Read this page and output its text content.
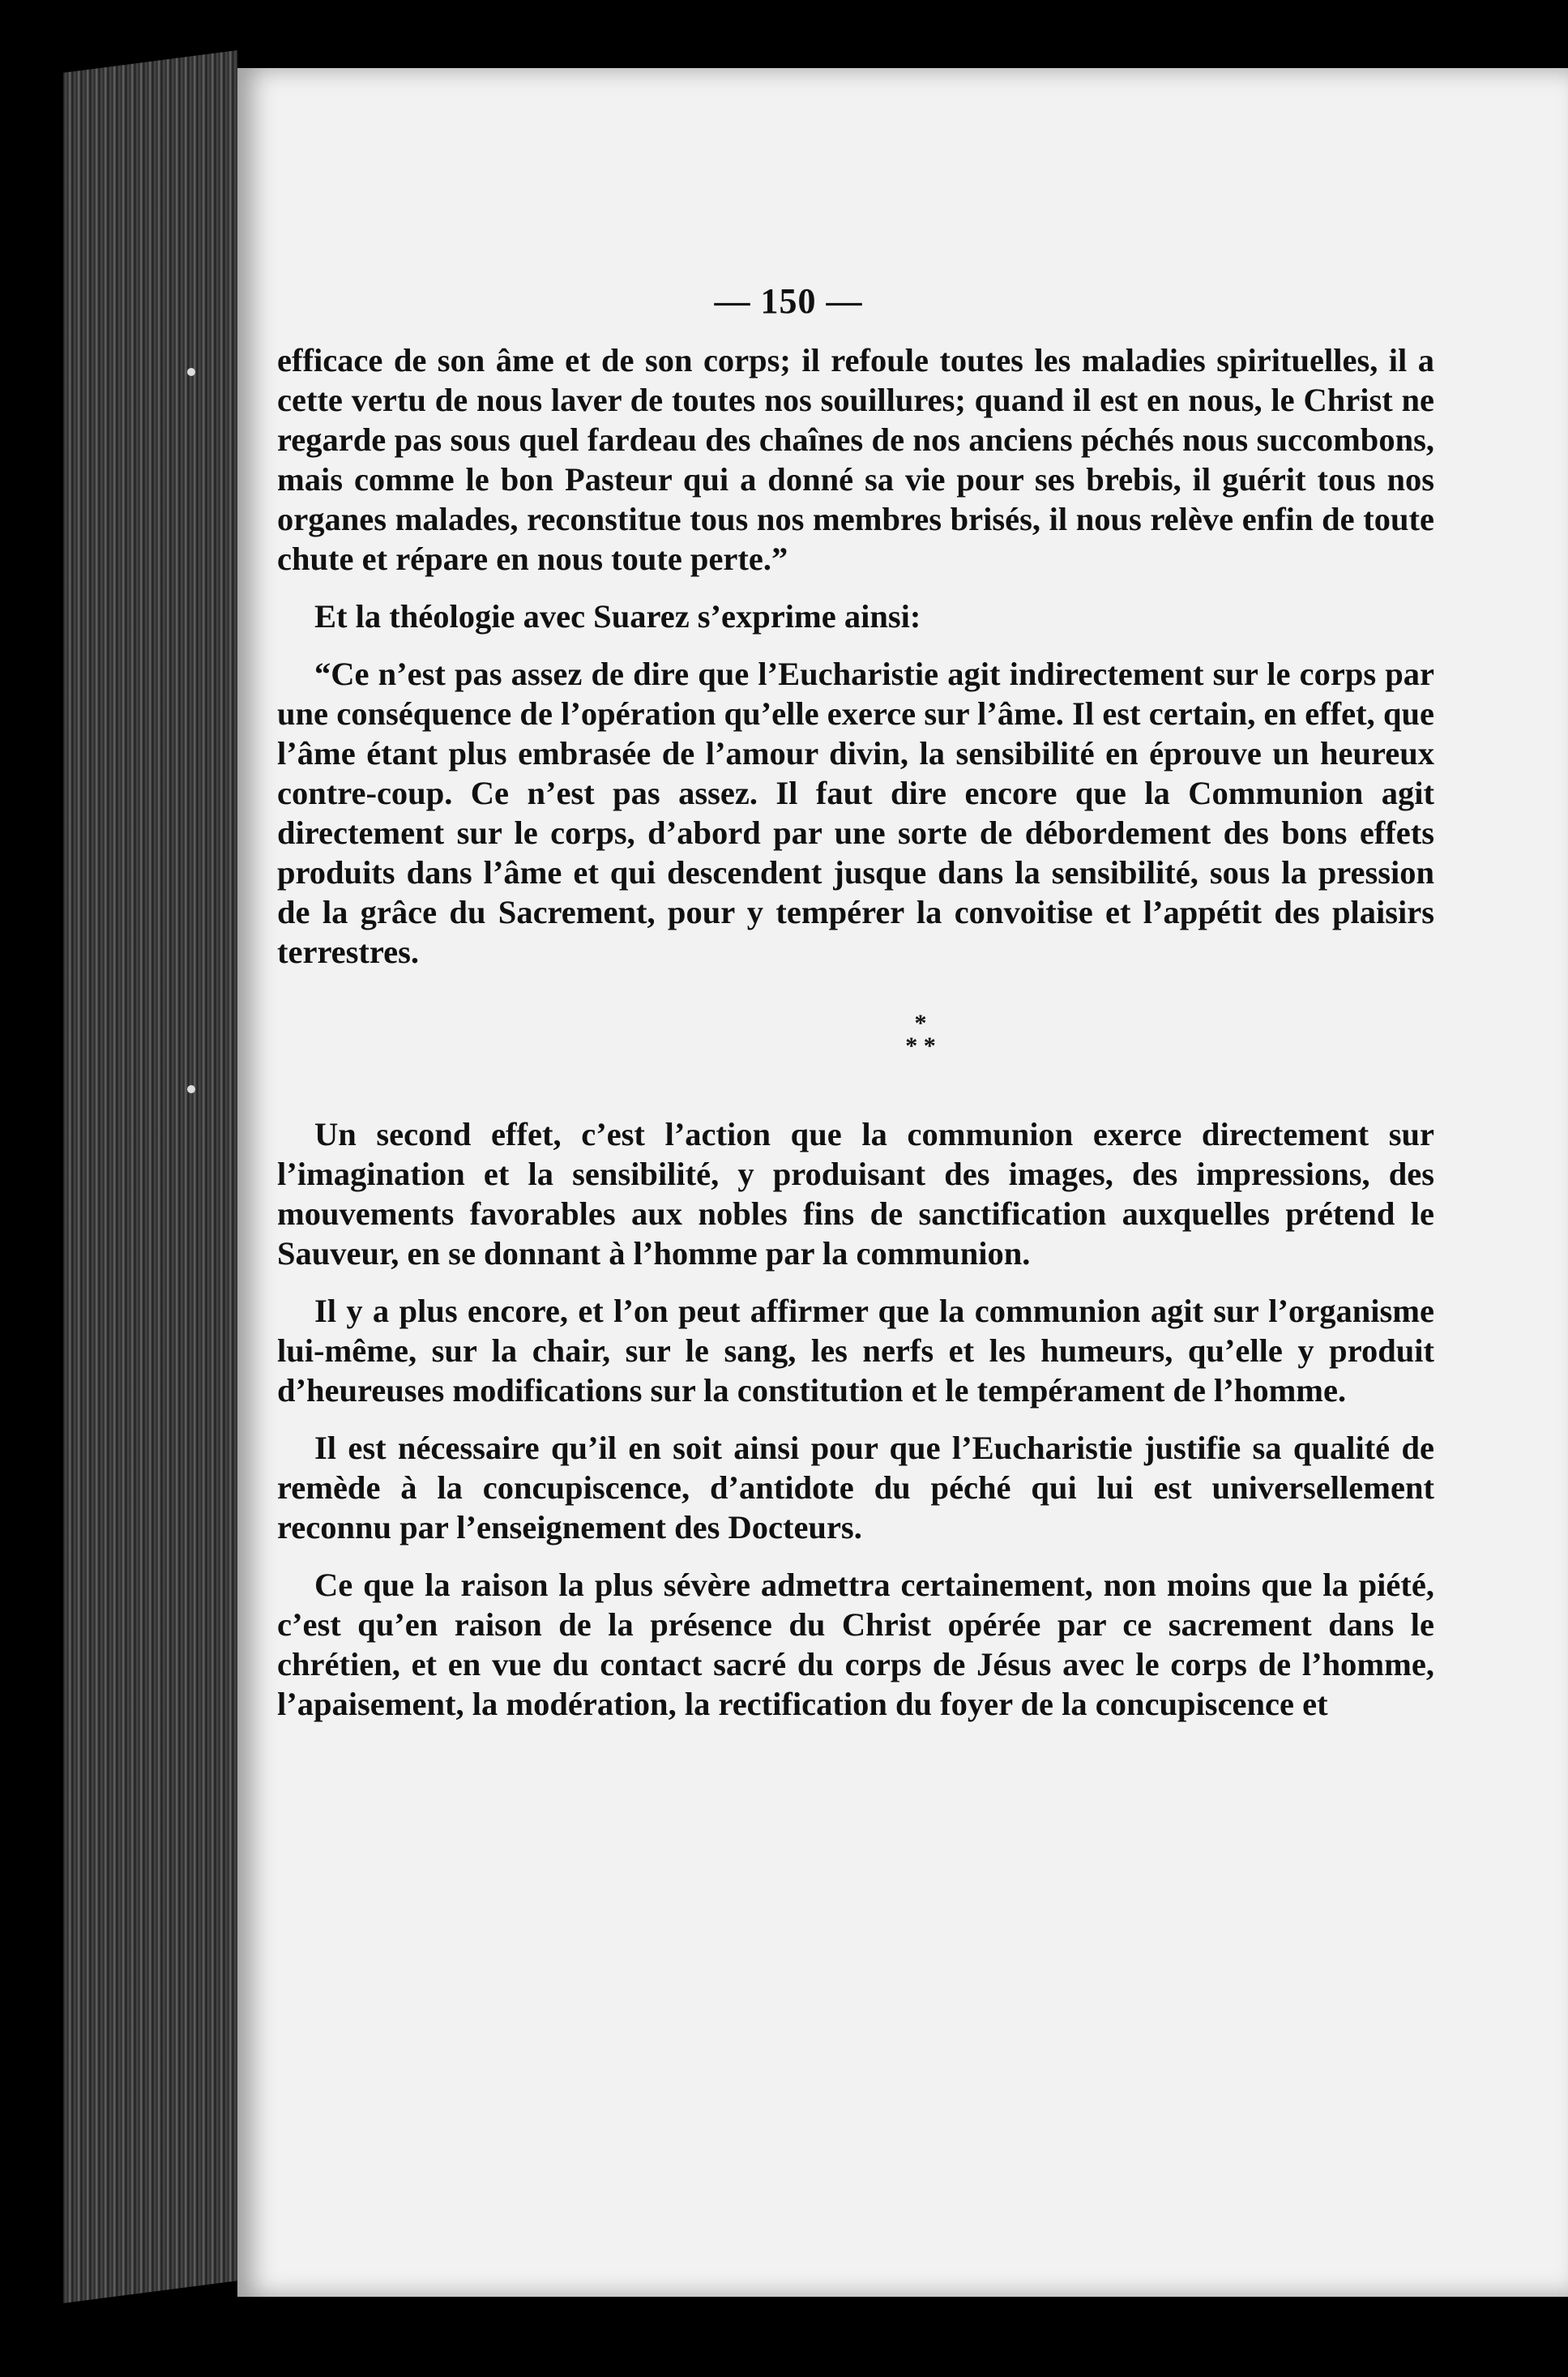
— 150 —

efficace de son âme et de son corps; il refoule toutes les maladies spirituelles, il a cette vertu de nous laver de toutes nos souillures; quand il est en nous, le Christ ne regarde pas sous quel fardeau des chaînes de nos anciens péchés nous succombons, mais comme le bon Pasteur qui a donné sa vie pour ses brebis, il guérit tous nos organes malades, reconstitue tous nos membres brisés, il nous relève enfin de toute chute et répare en nous toute perte.”

Et la théologie avec Suarez s’exprime ainsi:

“Ce n’est pas assez de dire que l’Eucharistie agit indirectement sur le corps par une conséquence de l’opération qu’elle exerce sur l’âme. Il est certain, en effet, que l’âme étant plus embrasée de l’amour divin, la sensibilité en éprouve un heureux contre-coup. Ce n’est pas assez. Il faut dire encore que la Communion agit directement sur le corps, d’abord par une sorte de débordement des bons effets produits dans l’âme et qui descendent jusque dans la sensibilité, sous la pression de la grâce du Sacrement, pour y tempérer la convoitise et l’appétit des plaisirs terrestres.

*
* *

Un second effet, c’est l’action que la communion exerce directement sur l’imagination et la sensibilité, y produisant des images, des impressions, des mouvements favorables aux nobles fins de sanctification auxquelles prétend le Sauveur, en se donnant à l’homme par la communion.

Il y a plus encore, et l’on peut affirmer que la communion agit sur l’organisme lui-même, sur la chair, sur le sang, les nerfs et les humeurs, qu’elle y produit d’heureuses modifications sur la constitution et le tempérament de l’homme.

Il est nécessaire qu’il en soit ainsi pour que l’Eucharistie justifie sa qualité de remède à la concupiscence, d’antidote du péché qui lui est universellement reconnu par l’enseignement des Docteurs.

Ce que la raison la plus sévère admettra certainement, non moins que la piété, c’est qu’en raison de la présence du Christ opérée par ce sacrement dans le chrétien, et en vue du contact sacré du corps de Jésus avec le corps de l’homme, l’apaisement, la modération, la rectification du foyer de la concupiscence et
